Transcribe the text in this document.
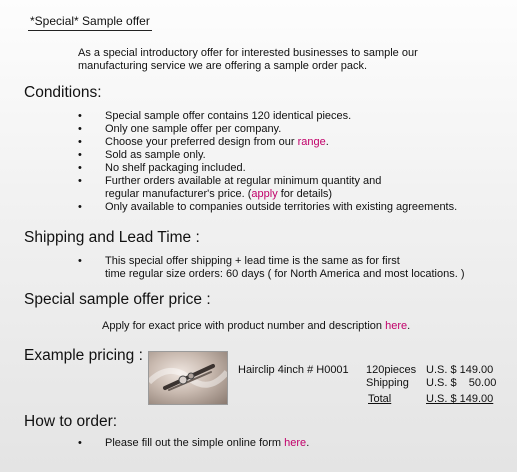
*Special* Sample offer
As a special introductory offer for interested businesses to sample our
manufacturing service we are offering a sample order pack.
Conditions:
• Special sample offer contains 120 identical pieces.
• Only one sample offer per company.
• Choose your preferred design from our range.
• Sold as sample only.
• No shelf packaging included.
• Further orders available at regular minimum quantity and
regular manufacturer's price. (apply for details)
• Only available to companies outside territories with existing agreements.
Shipping and Lead Time :
• This special offer shipping + lead time is the same as for first
time regular size orders: 60 days ( for North America and most locations. )
Special sample offer price :
Apply for exact price with product number and description here.
Example pricing :
Hairclip 4inch # H0001 120pieces U.S. $ 149.00
Shipping U.S. $    50.00
Total	U.S. $ 149.00
How to order:
• Please fill out the simple online form here.
